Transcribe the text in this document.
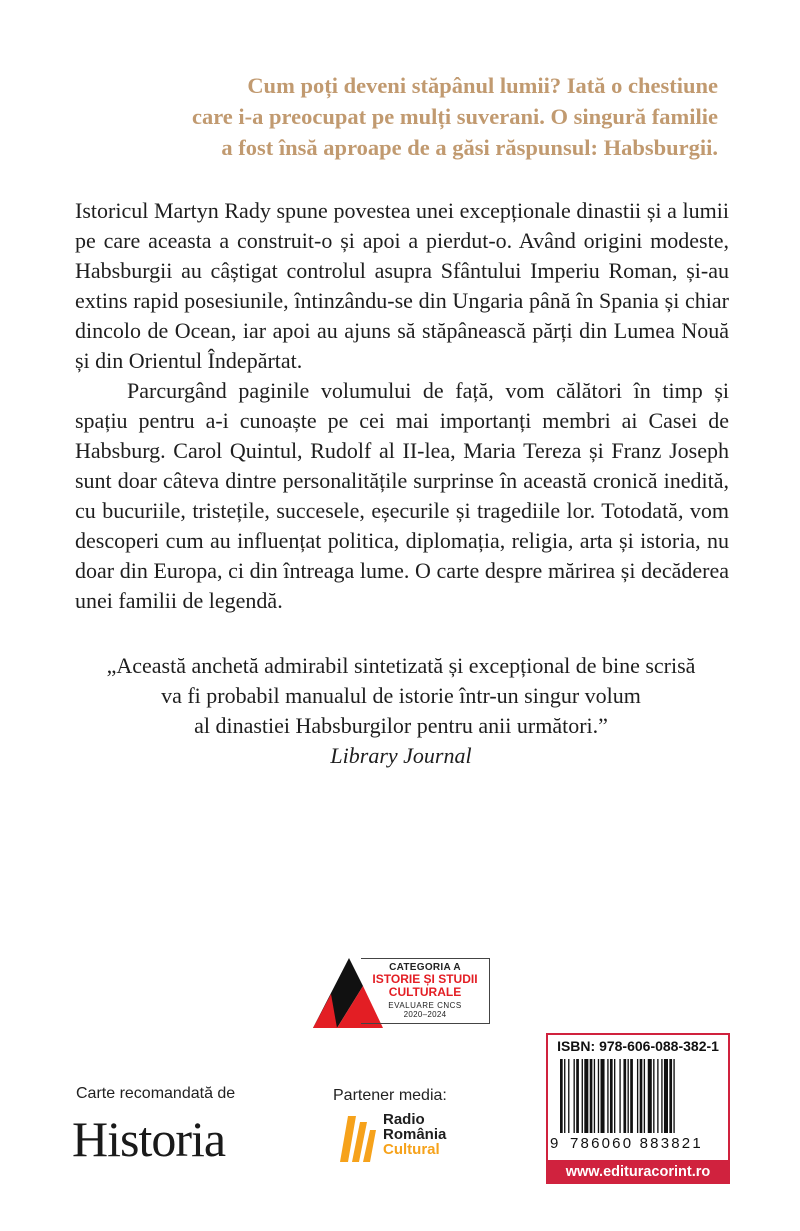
Cum poți deveni stăpânul lumii? Iată o chestiune
care i-a preocupat pe mulți suverani. O singură familie
a fost însă aproape de a găsi răspunsul: Habsburgii.

Istoricul Martyn Rady spune povestea unei excepționale dinastii și a lumii pe care aceasta a construit-o și apoi a pierdut-o. Având origini modeste, Habsburgii au câștigat controlul asupra Sfântului Imperiu Roman, și-au extins rapid posesiunile, întinzându-se din Ungaria până în Spania și chiar dincolo de Ocean, iar apoi au ajuns să stăpânească părți din Lumea Nouă și din Orientul Îndepărtat.

Parcurgând paginile volumului de față, vom călători în timp și spațiu pentru a-i cunoaște pe cei mai importanți membri ai Casei de Habsburg. Carol Quintul, Rudolf al II-lea, Maria Tereza și Franz Joseph sunt doar câteva dintre personalitățile surprinse în această cronică inedită, cu bucuriile, tristețile, succesele, eșecurile și tragediile lor. Totodată, vom descoperi cum au influențat politica, diplomația, religia, arta și istoria, nu doar din Europa, ci din întreaga lume. O carte despre mărirea și decăderea unei familii de legendă.

„Această anchetă admirabil sintetizată și excepțional de bine scrisă
va fi probabil manualul de istorie într-un singur volum
al dinastiei Habsburgilor pentru anii următori.”
Library Journal
CATEGORIA A
ISTORIE ȘI STUDII
CULTURALE
EVALUARE CNCS
2020–2024
Carte recomandată de
Historia
Partener media:
Radio
România
Cultural
ISBN: 978-606-088-382-1
9 786060 883821
www.edituracorint.ro
